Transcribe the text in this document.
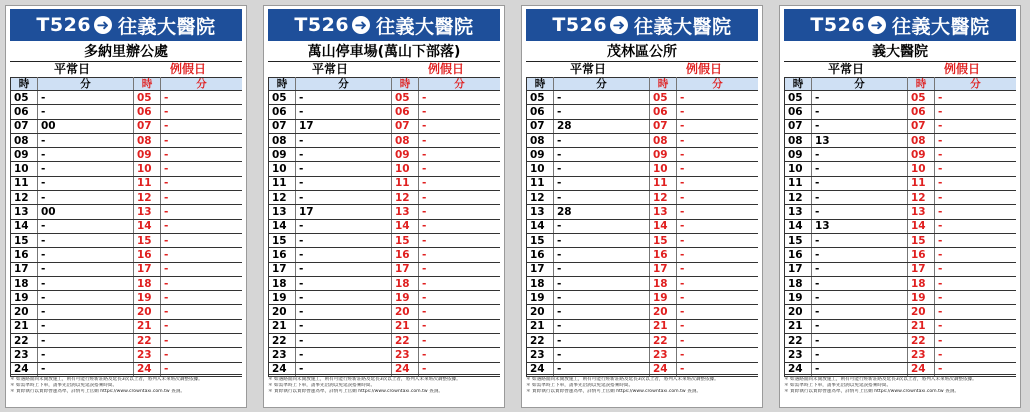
T526 ➜ 往義大醫院
多納里辦公處
平常日	例假日
時	分	時	分
05	-	05	-
06	-	06	-
07	00	07	-
08	-	08	-
09	-	09	-
10	-	10	-
11	-	11	-
12	-	12	-
13	00	13	-
14	-	14	-
15	-	15	-
16	-	16	-
17	-	17	-
18	-	18	-
19	-	19	-
20	-	20	-
21	-	21	-
22	-	22	-
23	-	23	-
24	-	24	-
＊ 如遇路面尚未開放施工，則有可能行經新莊路及延長3次以上者，將列入未來班次調整依據。
＊ 如需準時上下車，請事先洽詢以免延誤搭乘時間。
＊ 實際執行以實際營運為準，詳情可上官網 https://www.crowntaxi.com.tw 查詢。
T526 ➜ 往義大醫院
萬山停車場(萬山下部落)
平常日	例假日
時	分	時	分
05	-	05	-
06	-	06	-
07	17	07	-
08	-	08	-
09	-	09	-
10	-	10	-
11	-	11	-
12	-	12	-
13	17	13	-
14	-	14	-
15	-	15	-
16	-	16	-
17	-	17	-
18	-	18	-
19	-	19	-
20	-	20	-
21	-	21	-
22	-	22	-
23	-	23	-
24	-	24	-
＊ 如遇路面尚未開放施工，則有可能行經新莊路及延長3次以上者，將列入未來班次調整依據。
＊ 如需準時上下車，請事先洽詢以免延誤搭乘時間。
＊ 實際執行以實際營運為準，詳情可上官網 https://www.crowntaxi.com.tw 查詢。
T526 ➜ 往義大醫院
茂林區公所
平常日	例假日
時	分	時	分
05	-	05	-
06	-	06	-
07	28	07	-
08	-	08	-
09	-	09	-
10	-	10	-
11	-	11	-
12	-	12	-
13	28	13	-
14	-	14	-
15	-	15	-
16	-	16	-
17	-	17	-
18	-	18	-
19	-	19	-
20	-	20	-
21	-	21	-
22	-	22	-
23	-	23	-
24	-	24	-
＊ 如遇路面尚未開放施工，則有可能行經新莊路及延長3次以上者，將列入未來班次調整依據。
＊ 如需準時上下車，請事先洽詢以免延誤搭乘時間。
＊ 實際執行以實際營運為準，詳情可上官網 https://www.crowntaxi.com.tw 查詢。
T526 ➜ 往義大醫院
義大醫院
平常日	例假日
時	分	時	分
05	-	05	-
06	-	06	-
07	-	07	-
08	13	08	-
09	-	09	-
10	-	10	-
11	-	11	-
12	-	12	-
13	-	13	-
14	13	14	-
15	-	15	-
16	-	16	-
17	-	17	-
18	-	18	-
19	-	19	-
20	-	20	-
21	-	21	-
22	-	22	-
23	-	23	-
24	-	24	-
＊ 如遇路面尚未開放施工，則有可能行經新莊路及延長3次以上者，將列入未來班次調整依據。
＊ 如需準時上下車，請事先洽詢以免延誤搭乘時間。
＊ 實際執行以實際營運為準，詳情可上官網 https://www.crowntaxi.com.tw 查詢。
